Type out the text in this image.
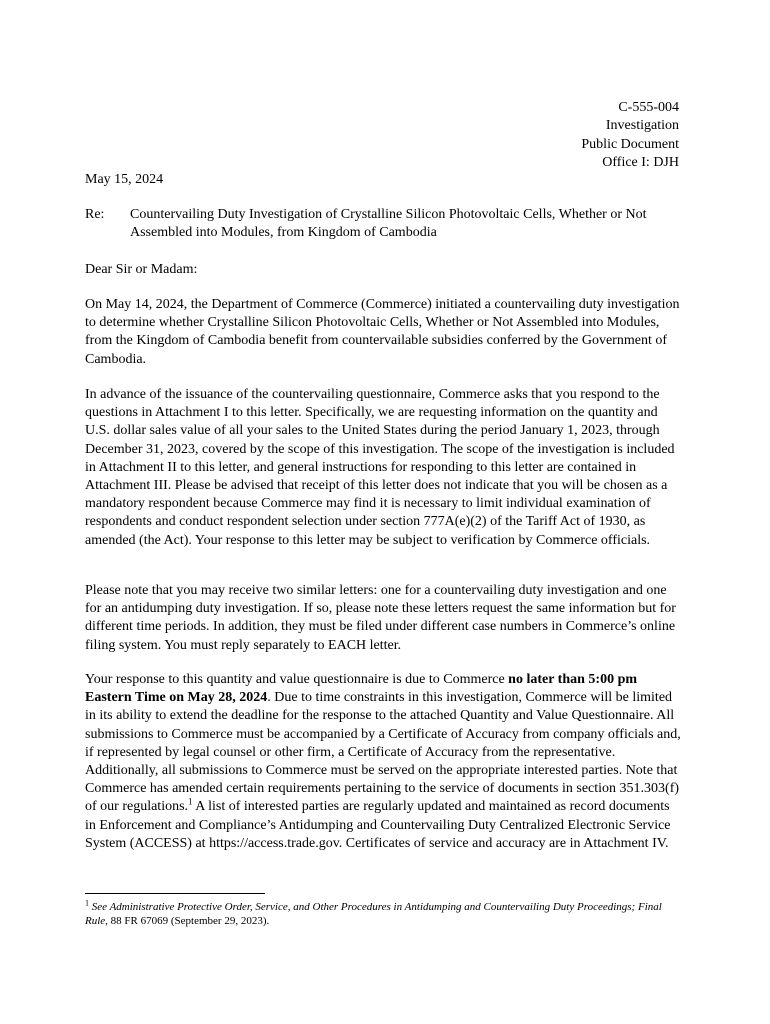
C-555-004
Investigation
Public Document
Office I: DJH
May 15, 2024
Re:	Countervailing Duty Investigation of Crystalline Silicon Photovoltaic Cells, Whether or Not Assembled into Modules, from Kingdom of Cambodia
Dear Sir or Madam:
On May 14, 2024, the Department of Commerce (Commerce) initiated a countervailing duty investigation to determine whether Crystalline Silicon Photovoltaic Cells, Whether or Not Assembled into Modules, from the Kingdom of Cambodia benefit from countervailable subsidies conferred by the Government of Cambodia.
In advance of the issuance of the countervailing questionnaire, Commerce asks that you respond to the questions in Attachment I to this letter. Specifically, we are requesting information on the quantity and U.S. dollar sales value of all your sales to the United States during the period January 1, 2023, through December 31, 2023, covered by the scope of this investigation. The scope of the investigation is included in Attachment II to this letter, and general instructions for responding to this letter are contained in Attachment III. Please be advised that receipt of this letter does not indicate that you will be chosen as a mandatory respondent because Commerce may find it is necessary to limit individual examination of respondents and conduct respondent selection under section 777A(e)(2) of the Tariff Act of 1930, as amended (the Act). Your response to this letter may be subject to verification by Commerce officials.
Please note that you may receive two similar letters: one for a countervailing duty investigation and one for an antidumping duty investigation. If so, please note these letters request the same information but for different time periods. In addition, they must be filed under different case numbers in Commerce’s online filing system. You must reply separately to EACH letter.
Your response to this quantity and value questionnaire is due to Commerce no later than 5:00 pm Eastern Time on May 28, 2024. Due to time constraints in this investigation, Commerce will be limited in its ability to extend the deadline for the response to the attached Quantity and Value Questionnaire. All submissions to Commerce must be accompanied by a Certificate of Accuracy from company officials and, if represented by legal counsel or other firm, a Certificate of Accuracy from the representative. Additionally, all submissions to Commerce must be served on the appropriate interested parties. Note that Commerce has amended certain requirements pertaining to the service of documents in section 351.303(f) of our regulations.$^1$ A list of interested parties are regularly updated and maintained as record documents in Enforcement and Compliance’s Antidumping and Countervailing Duty Centralized Electronic Service System (ACCESS) at https://access.trade.gov. Certificates of service and accuracy are in Attachment IV.
$^1$ See Administrative Protective Order, Service, and Other Procedures in Antidumping and Countervailing Duty Proceedings; Final Rule, 88 FR 67069 (September 29, 2023).
